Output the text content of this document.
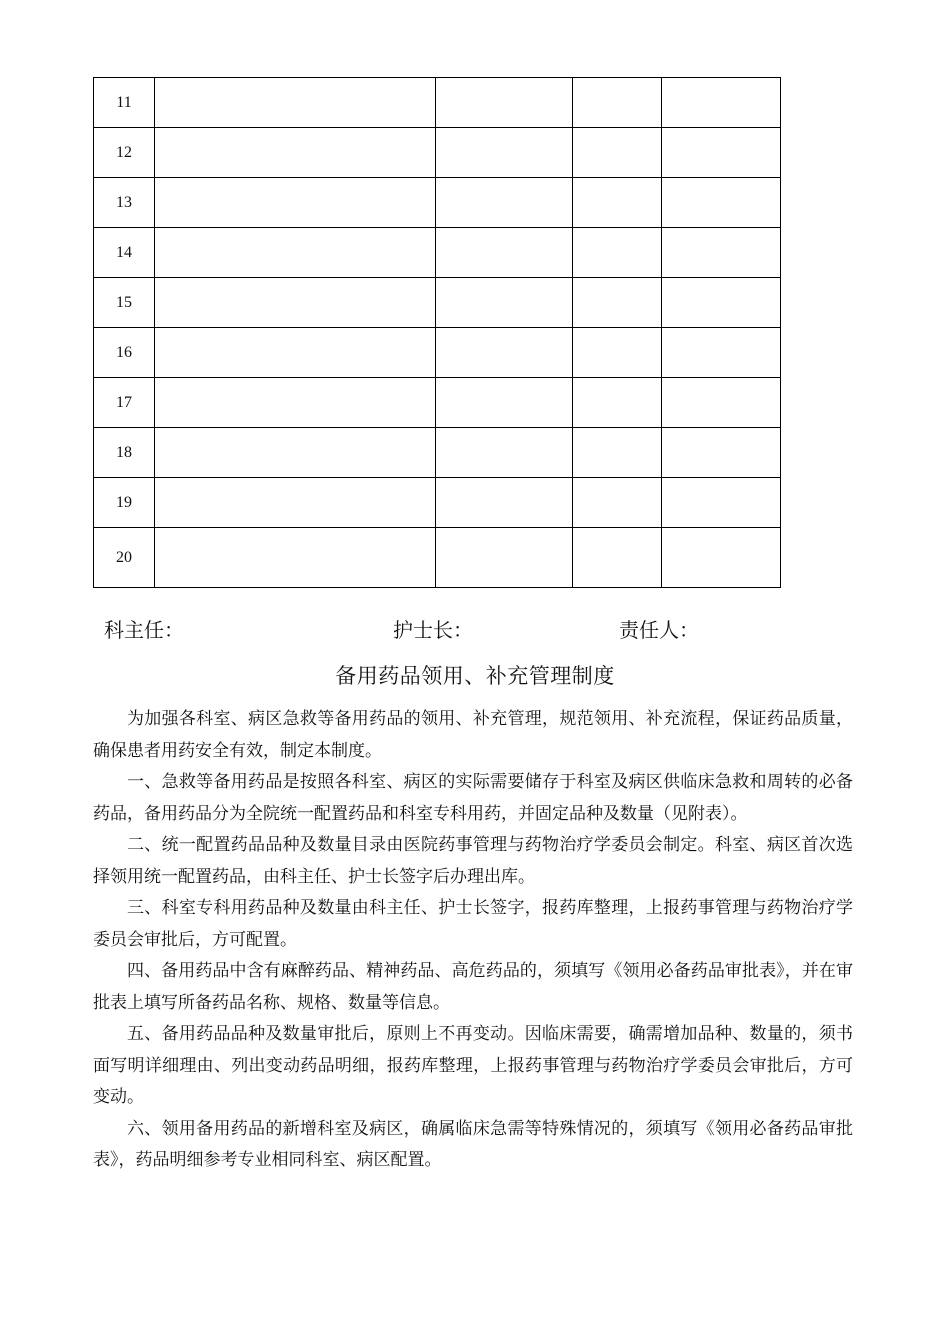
11				
12				
13				
14				
15				
16				
17				
18				
19				
20				
科主任：	护士长：	责任人：
备用药品领用、补充管理制度

为加强各科室、病区急救等备用药品的领用、补充管理，规范领用、补充流程，保证药品质量，确保患者用药安全有效，制定本制度。

一、急救等备用药品是按照各科室、病区的实际需要储存于科室及病区供临床急救和周转的必备药品，备用药品分为全院统一配置药品和科室专科用药，并固定品种及数量（见附表）。

二、统一配置药品品种及数量目录由医院药事管理与药物治疗学委员会制定。科室、病区首次选择领用统一配置药品，由科主任、护士长签字后办理出库。

三、科室专科用药品种及数量由科主任、护士长签字，报药库整理，上报药事管理与药物治疗学委员会审批后，方可配置。

四、备用药品中含有麻醉药品、精神药品、高危药品的，须填写《领用必备药品审批表》，并在审批表上填写所备药品名称、规格、数量等信息。

五、备用药品品种及数量审批后，原则上不再变动。因临床需要，确需增加品种、数量的，须书面写明详细理由、列出变动药品明细，报药库整理，上报药事管理与药物治疗学委员会审批后，方可变动。

六、领用备用药品的新增科室及病区，确属临床急需等特殊情况的，须填写《领用必备药品审批表》，药品明细参考专业相同科室、病区配置。
